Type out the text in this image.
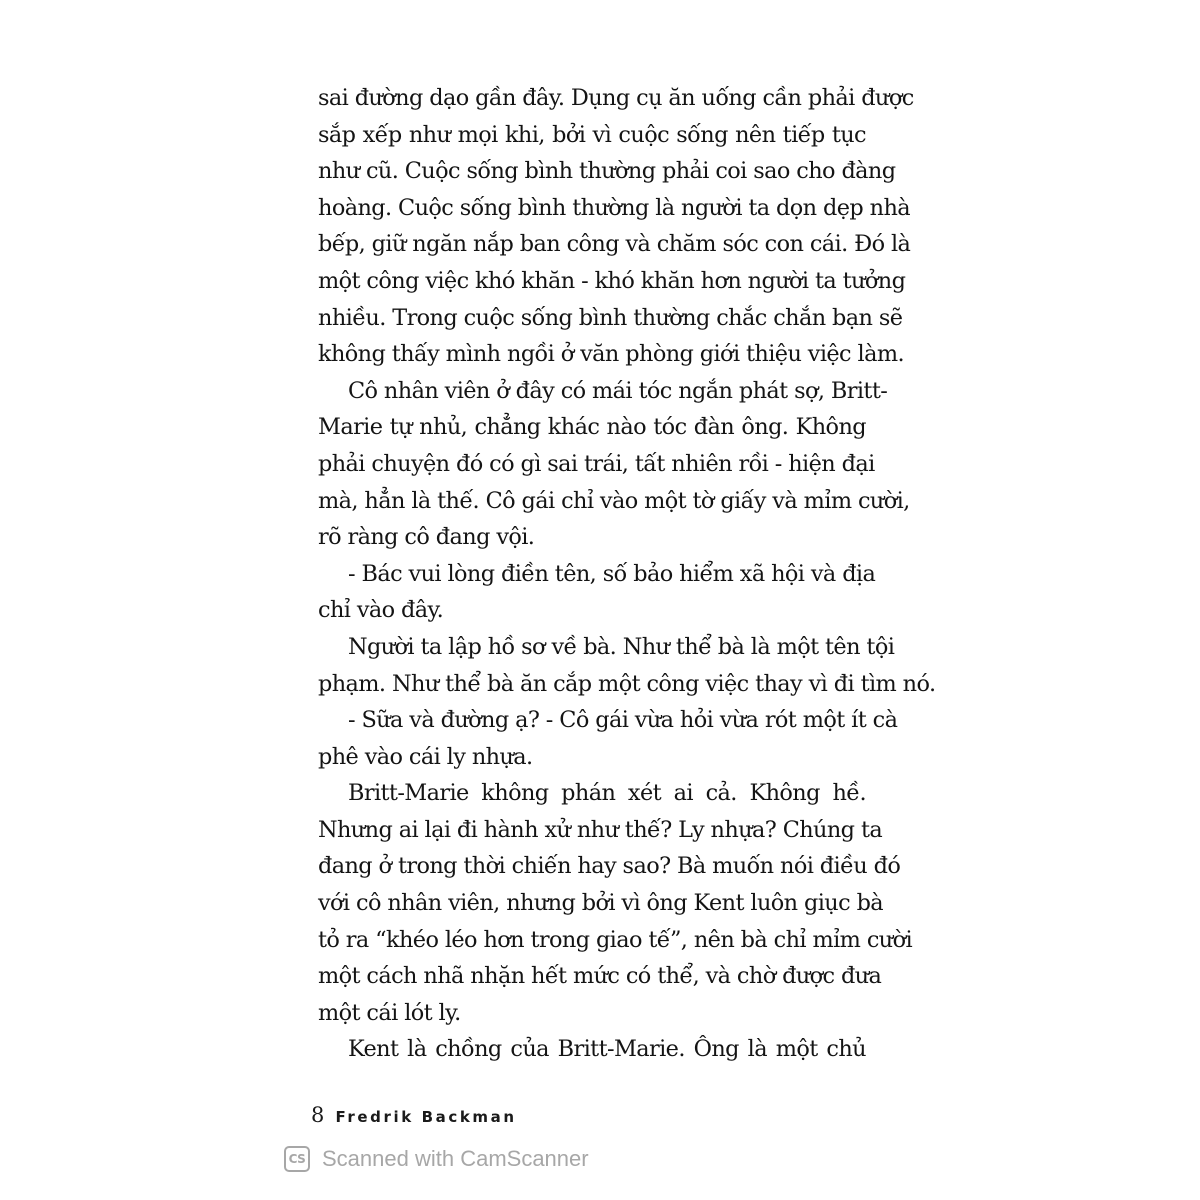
sai đường dạo gần đây. Dụng cụ ăn uống cần phải được
sắp xếp như mọi khi, bởi vì cuộc sống nên tiếp tục
như cũ. Cuộc sống bình thường phải coi sao cho đàng
hoàng. Cuộc sống bình thường là người ta dọn dẹp nhà
bếp, giữ ngăn nắp ban công và chăm sóc con cái. Đó là
một công việc khó khăn - khó khăn hơn người ta tưởng
nhiều. Trong cuộc sống bình thường chắc chắn bạn sẽ
không thấy mình ngồi ở văn phòng giới thiệu việc làm.
Cô nhân viên ở đây có mái tóc ngắn phát sợ, Britt-
Marie tự nhủ, chẳng khác nào tóc đàn ông. Không
phải chuyện đó có gì sai trái, tất nhiên rồi - hiện đại
mà, hẳn là thế. Cô gái chỉ vào một tờ giấy và mỉm cười,
rõ ràng cô đang vội.
- Bác vui lòng điền tên, số bảo hiểm xã hội và địa
chỉ vào đây.
Người ta lập hồ sơ về bà. Như thể bà là một tên tội
phạm. Như thể bà ăn cắp một công việc thay vì đi tìm nó.
- Sữa và đường ạ? - Cô gái vừa hỏi vừa rót một ít cà
phê vào cái ly nhựa.
Britt-Marie không phán xét ai cả. Không hề.
Nhưng ai lại đi hành xử như thế? Ly nhựa? Chúng ta
đang ở trong thời chiến hay sao? Bà muốn nói điều đó
với cô nhân viên, nhưng bởi vì ông Kent luôn giục bà
tỏ ra “khéo léo hơn trong giao tế”, nên bà chỉ mỉm cười
một cách nhã nhặn hết mức có thể, và chờ được đưa
một cái lót ly.
Kent là chồng của Britt-Marie. Ông là một chủ
8 Fredrik Backman
CS Scanned with CamScanner
